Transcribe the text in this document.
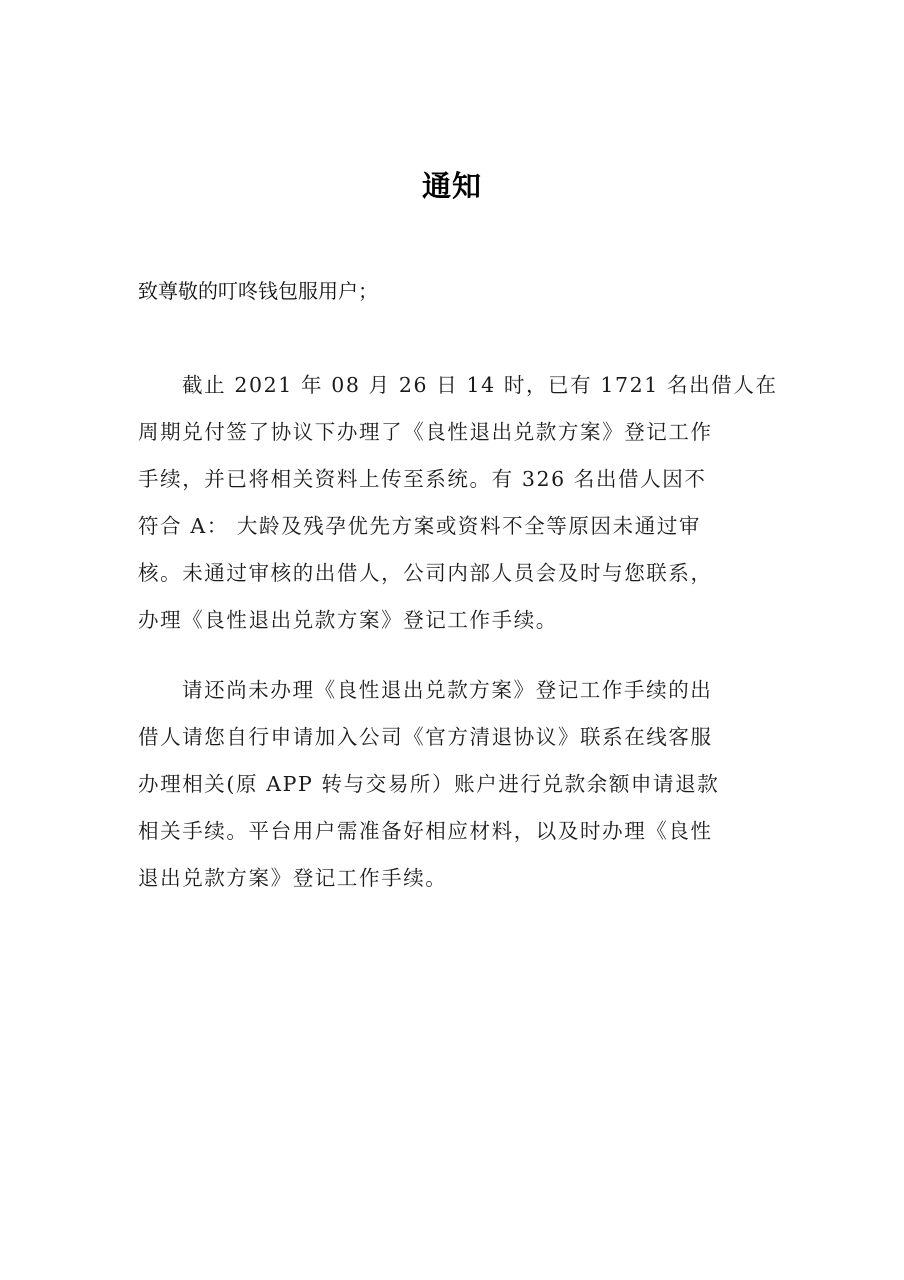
通知
致尊敬的叮咚钱包服用户；
截止 2021 年 08 月 26 日 14 时，已有 1721 名出借人在
周期兑付签了协议下办理了《良性退出兑款方案》登记工作
手续，并已将相关资料上传至系统。有 326 名出借人因不
符合 A： 大龄及残孕优先方案或资料不全等原因未通过审
核。未通过审核的出借人，公司内部人员会及时与您联系，
办理《良性退出兑款方案》登记工作手续。
请还尚未办理《良性退出兑款方案》登记工作手续的出
借人请您自行申请加入公司《官方清退协议》联系在线客服
办理相关(原 APP 转与交易所）账户进行兑款余额申请退款
相关手续。平台用户需准备好相应材料，以及时办理《良性
退出兑款方案》登记工作手续。
